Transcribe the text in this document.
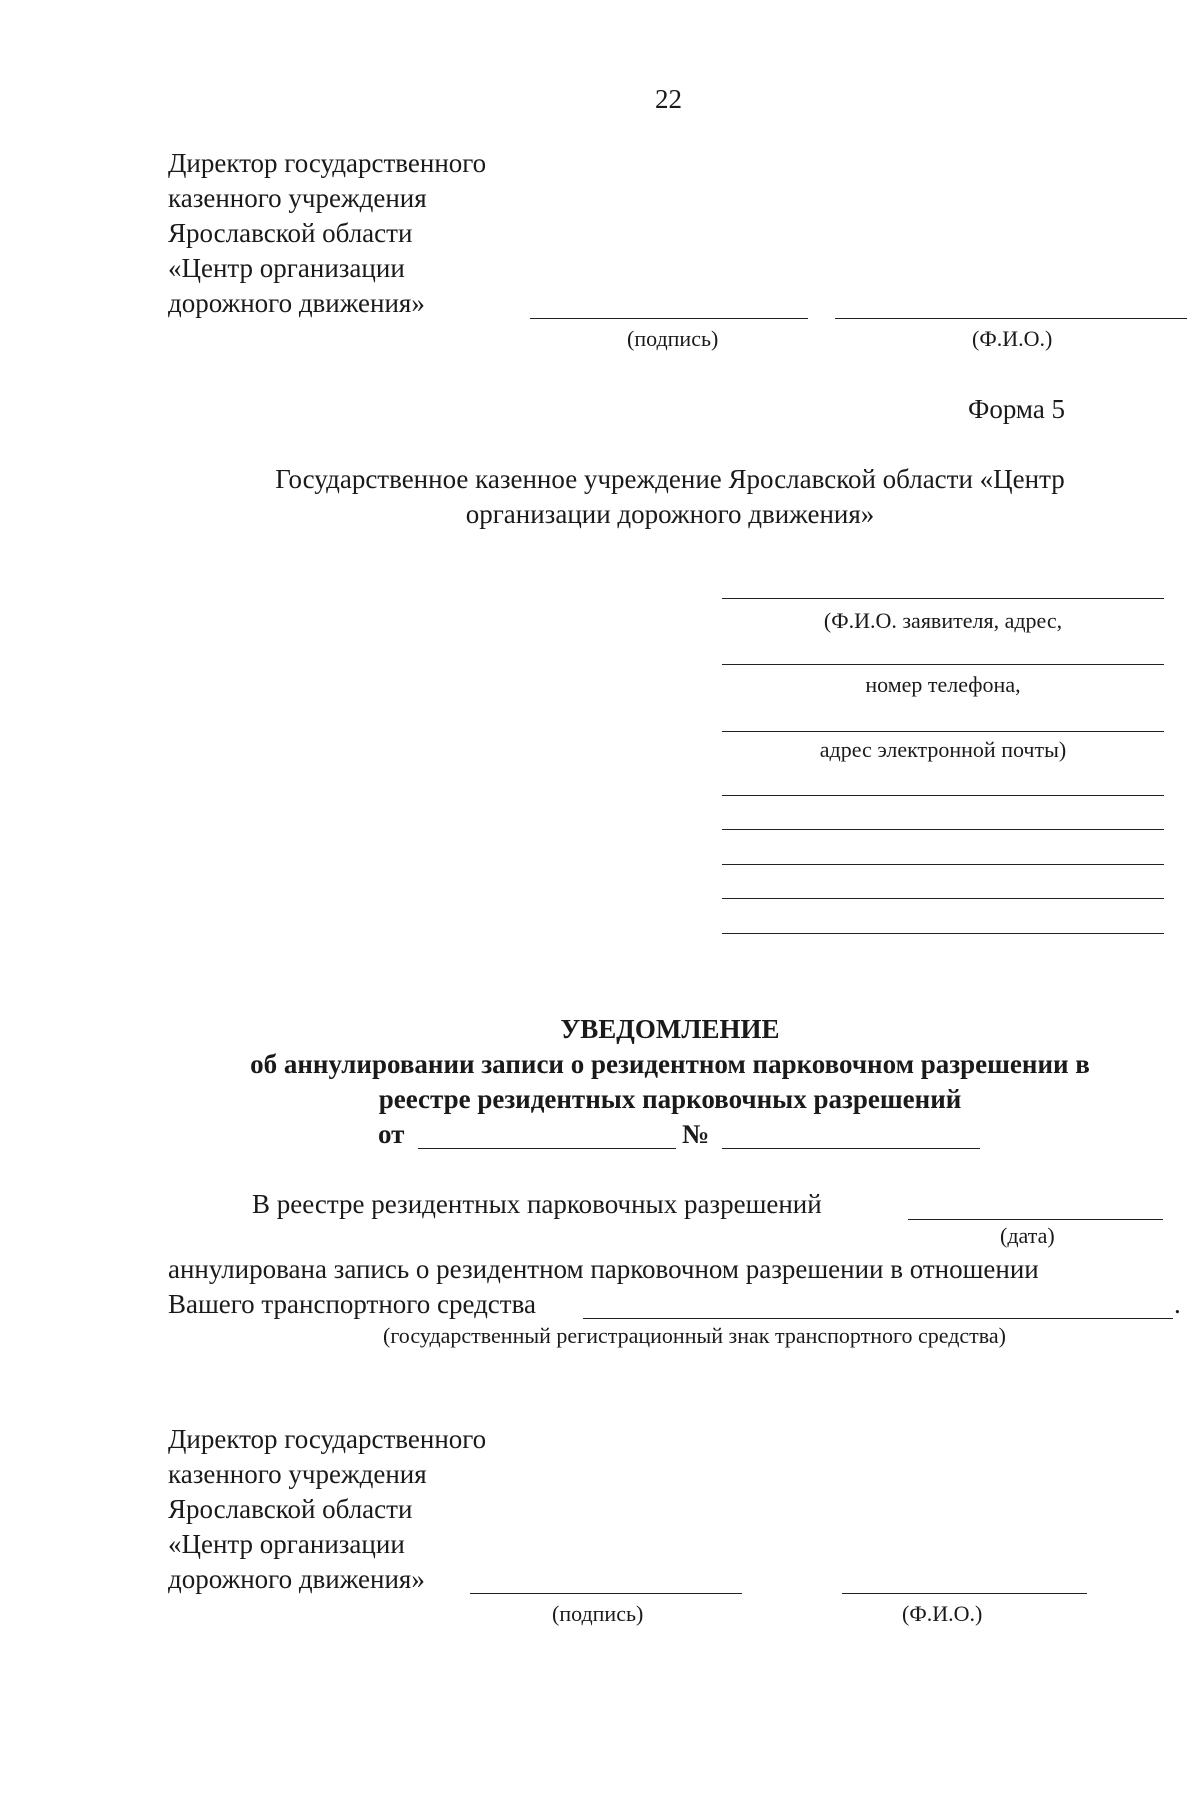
22
Директор государственного
казенного учреждения
Ярославской области
«Центр организации
дорожного движения»
(подпись)	(Ф.И.О.)
Форма 5
Государственное казенное учреждение Ярославской области «Центр
организации дорожного движения»
(Ф.И.О. заявителя, адрес,
номер телефона,
адрес электронной почты)
УВЕДОМЛЕНИЕ
об аннулировании записи о резидентном парковочном разрешении в
реестре резидентных парковочных разрешений
от	№
В реестре резидентных парковочных разрешений
(дата)
аннулирована запись о резидентном парковочном разрешении в отношении
Вашего транспортного средства	.
(государственный регистрационный знак транспортного средства)
Директор государственного
казенного учреждения
Ярославской области
«Центр организации
дорожного движения»
(подпись)	(Ф.И.О.)
